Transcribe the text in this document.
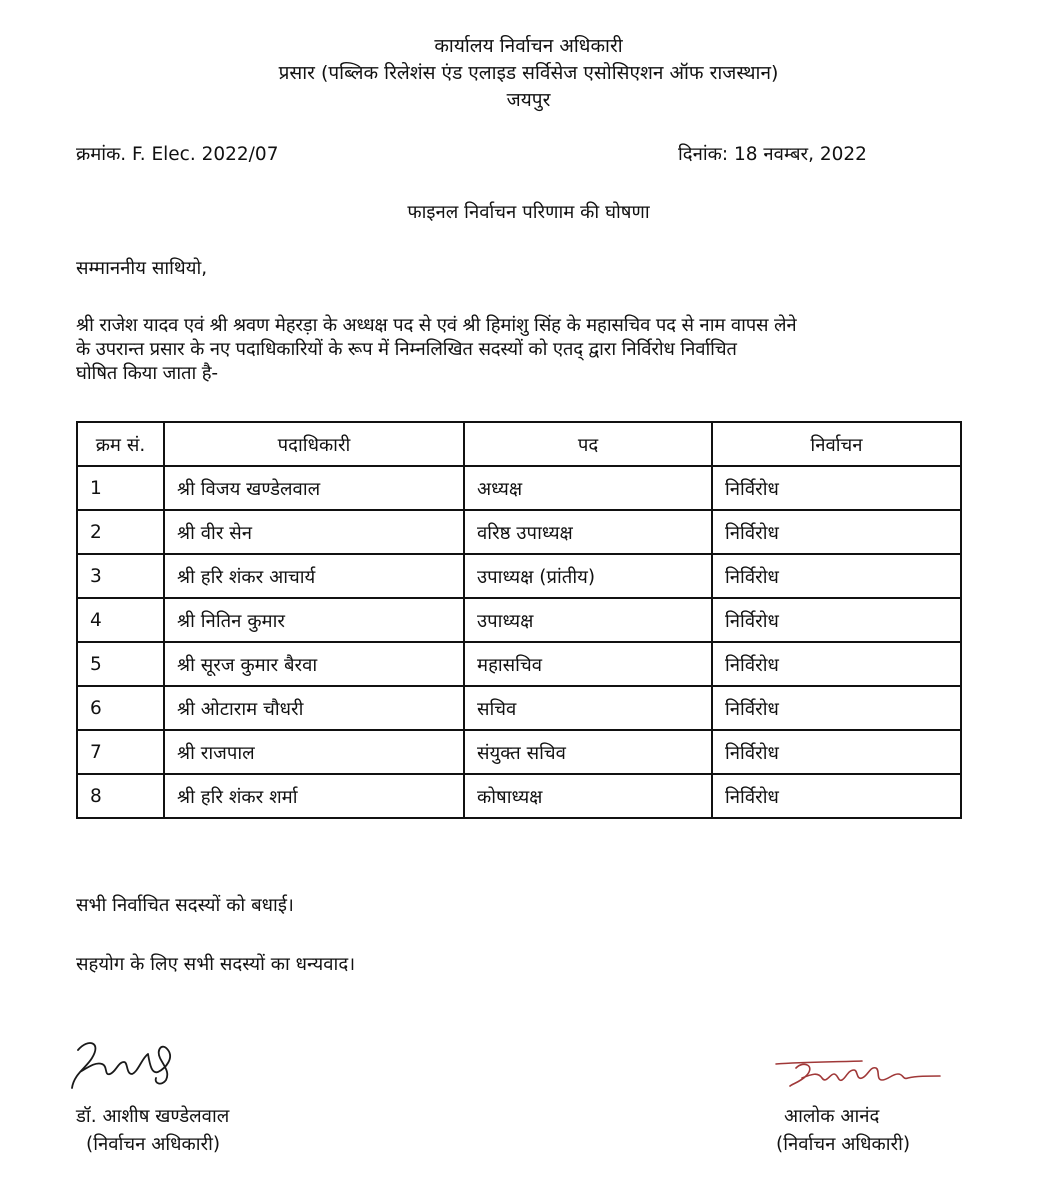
कार्यालय निर्वाचन अधिकारी
प्रसार (पब्लिक रिलेशंस एंड एलाइड सर्विसेज एसोसिएशन ऑफ राजस्थान)
जयपुर
क्रमांक. F. Elec. 2022/07	दिनांक: 18 नवम्बर, 2022
फाइनल निर्वाचन परिणाम की घोषणा
सम्माननीय साथियो,
श्री राजेश यादव एवं श्री श्रवण मेहरड़ा के अध्धक्ष पद से एवं श्री हिमांशु सिंह के महासचिव पद से नाम वापस लेने
के उपरान्त प्रसार के नए पदाधिकारियों के रूप में निम्नलिखित सदस्यों को एतद् द्वारा निर्विरोध निर्वाचित
घोषित किया जाता है-
क्रम सं.	पदाधिकारी	पद	निर्वाचन
1	श्री विजय खण्डेलवाल	अध्यक्ष	निर्विरोध
2	श्री वीर सेन	वरिष्ठ उपाध्यक्ष	निर्विरोध
3	श्री हरि शंकर आचार्य	उपाध्यक्ष (प्रांतीय)	निर्विरोध
4	श्री नितिन कुमार	उपाध्यक्ष	निर्विरोध
5	श्री सूरज कुमार बैरवा	महासचिव	निर्विरोध
6	श्री ओटाराम चौधरी	सचिव	निर्विरोध
7	श्री राजपाल	संयुक्त सचिव	निर्विरोध
8	श्री हरि शंकर शर्मा	कोषाध्यक्ष	निर्विरोध
सभी निर्वाचित सदस्यों को बधाई।
सहयोग के लिए सभी सदस्यों का धन्यवाद।
डॉ. आशीष खण्डेलवाल
(निर्वाचन अधिकारी)
आलोक आनंद
(निर्वाचन अधिकारी)
